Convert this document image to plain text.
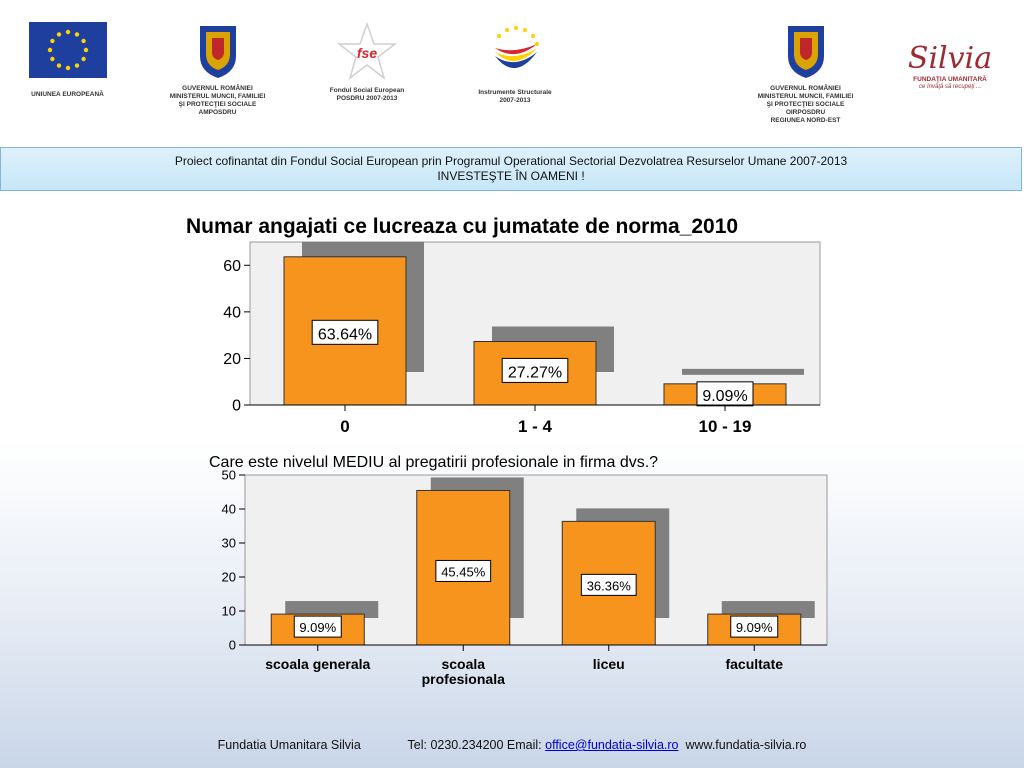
UNIUNEA EUROPEANĂ
GUVERNUL ROMÂNIEI
MINISTERUL MUNCII, FAMILIEI
ŞI PROTECŢIEI SOCIALE
AMPOSDRU
fse
Fondul Social European
POSDRU 2007-2013
Instrumente Structurale
2007-2013
GUVERNUL ROMÂNIEI
MINISTERUL MUNCII, FAMILIEI
ŞI PROTECŢIEI SOCIALE
OIRPOSDRU
REGIUNEA NORD-EST
Silvia
FUNDAŢIA UMANITARĂ
ce învăţă să recupeţi ...
Proiect cofinantat din Fondul Social European prin Programul Operational Sectorial Dezvolatrea Resurselor Umane 2007-2013
INVESTEŞTE ÎN OAMENI !
Numar angajati ce lucreaza cu jumatate de norma_2010
0
20
40
60
63.64%
0
27.27%
1 - 4
9.09%
10 - 19
Care este nivelul MEDIU al pregatirii profesionale in firma dvs.?
0
10
20
30
40
50
9.09%
scoala generala
45.45%
scoala
profesionala
36.36%
liceu
9.09%
facultate
Fundatia Umanitara Silvia	Tel: 0230.234200 Email: office@fundatia-silvia.ro www.fundatia-silvia.ro
